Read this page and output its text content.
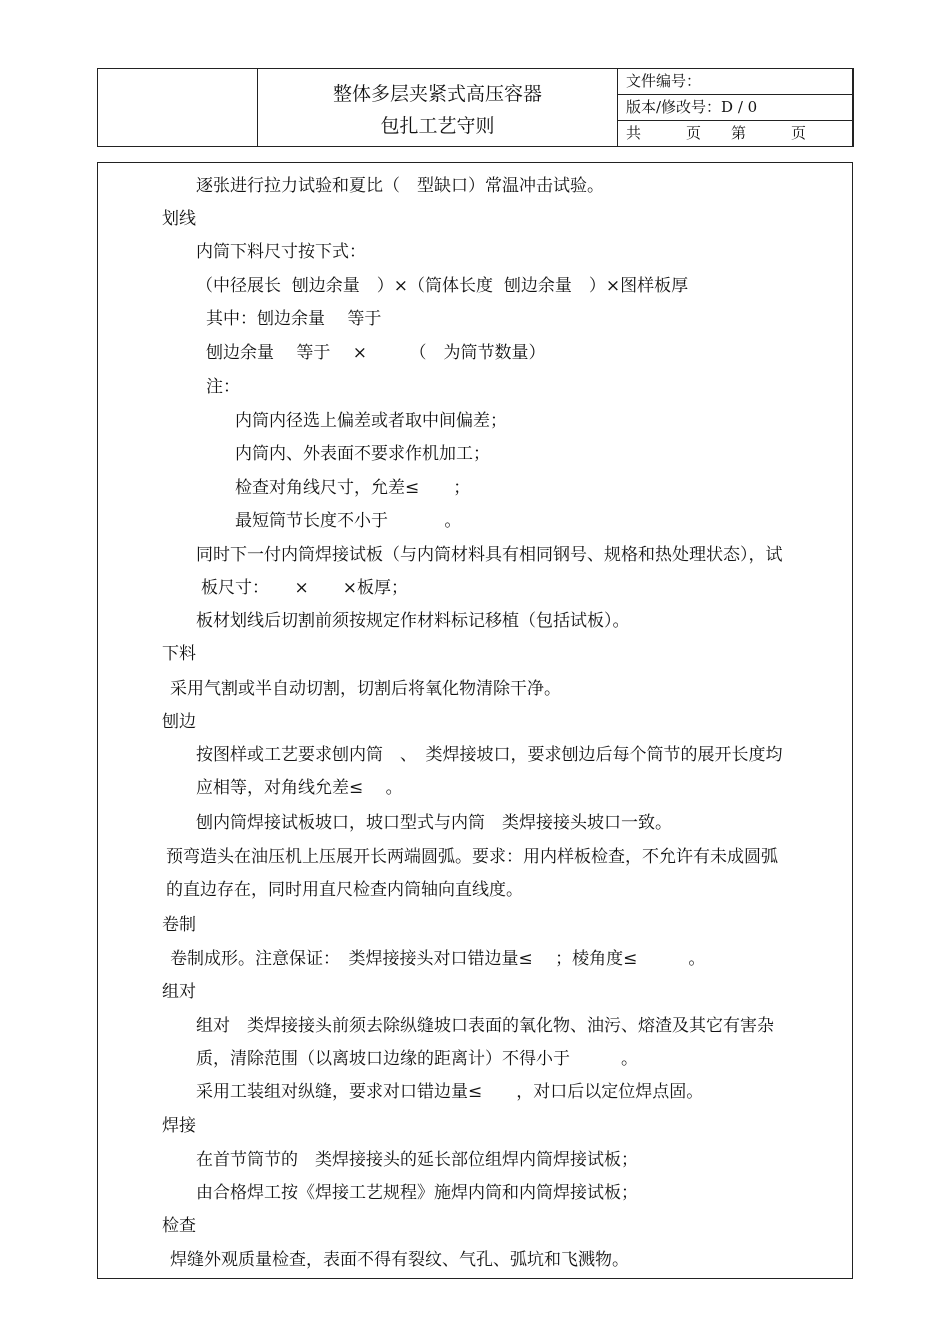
整体多层夹紧式高压容器
包扎工艺守则
文件编号：
版本/修改号：D / 0
共　　　页　　第　　　页
逐张进行拉力试验和夏比（　型缺口）常温冲击试验。
划线
内筒下料尺寸按下式：
（中径展长  刨边余量　）×（筒体长度  刨边余量　）×图样板厚
其中：刨边余量　 等于
刨边余量　 等于　 ×　　　（　为筒节数量）
注：
内筒内径选上偏差或者取中间偏差；
内筒内、外表面不要求作机加工；
检查对角线尺寸，允差≤　　；
最短筒节长度不小于　　　 。
同时下一付内筒焊接试板（与内筒材料具有相同钢号、规格和热处理状态），试
板尺寸：　　×　　×板厚；
板材划线后切割前须按规定作材料标记移植（包括试板）。
下料
采用气割或半自动切割，切割后将氧化物清除干净。
刨边
按图样或工艺要求刨内筒　、　类焊接坡口，要求刨边后每个筒节的展开长度均
应相等，对角线允差≤　 。
刨内筒焊接试板坡口，坡口型式与内筒　类焊接接头坡口一致。
预弯造头在油压机上压展开长两端圆弧。要求：用内样板检查，不允许有未成圆弧
的直边存在，同时用直尺检查内筒轴向直线度。
卷制
卷制成形。注意保证：　类焊接接头对口错边量≤　 ；棱角度≤　　　。
组对
组对　类焊接接头前须去除纵缝坡口表面的氧化物、油污、熔渣及其它有害杂
质，清除范围（以离坡口边缘的距离计）不得小于　　　。
采用工装组对纵缝，要求对口错边量≤　　，对口后以定位焊点固。
焊接
在首节筒节的　类焊接接头的延长部位组焊内筒焊接试板；
由合格焊工按《焊接工艺规程》施焊内筒和内筒焊接试板；
检查
焊缝外观质量检查，表面不得有裂纹、气孔、弧坑和飞溅物。
